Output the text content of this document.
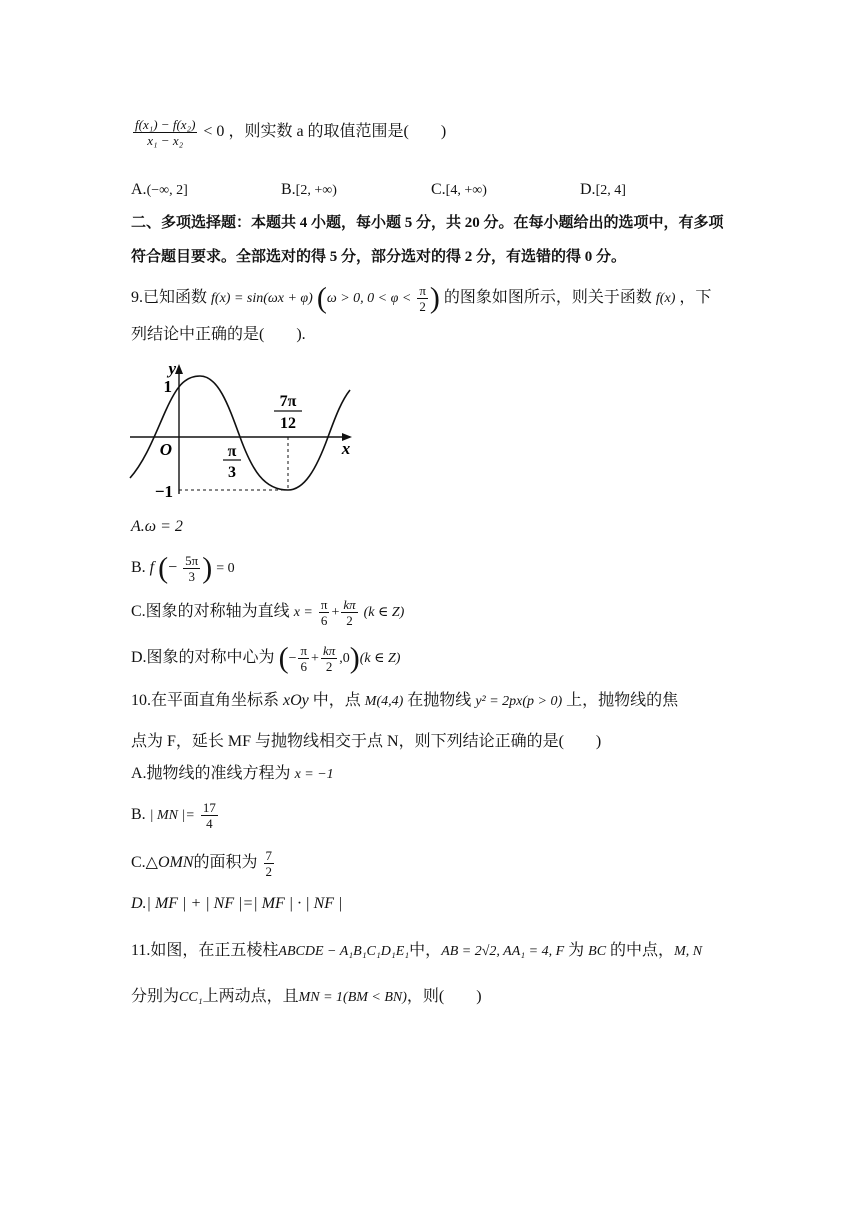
$\frac{\text{f(x₁) − f(x₂)}}{\text{x₁ − x₂}} < 0$ ，则实数 a 的取值范围是(　　)
A.(−∞, 2]	B.[2, +∞)	C.[4, +∞)	D.[2, 4]
二、多项选择题：本题共 4 小题，每小题 5 分，共 20 分。在每小题给出的选项中，有多项
符合题目要求。全部选对的得 5 分，部分选对的得 2 分，有选错的得 0 分。
9.已知函数 f(x) = sin(ωx + φ) (ω > 0, $0 < \varphi < \frac{\pi}{2}$ ) 的图象如图所示，则关于函数 f(x) ，下
列结论中正确的是(　　).
y
1
O
−1
x
π
3
7π
12
A.ω = 2
B. f (− $\frac{5\pi}{3}$ ) = 0
C.图象的对称轴为直线 $x = \frac{\pi}{6} + \frac{k\pi}{2} (k$ ∈ Z)
D.图象的对称中心为 (− $\frac{\pi}{6} + \frac{k\pi}{2} ,0)(k$ ∈ Z)
10.在平面直角坐标系 xOy 中，点 M(4,4) 在抛物线 y² = 2px(p > 0) 上，抛物线的焦
点为 F，延长 MF 与抛物线相交于点 N，则下列结论正确的是(　　)
A.抛物线的准线方程为 x = −1
B. | MN |= $\frac{17}{4}$
C.△OMN的面积为 $\frac{7}{2}$
D.| MF | + | NF |=| MF | · | NF |
11.如图，在正五棱柱ABCDE − A₁B₁C₁D₁E₁中，AB = 2√2, AA₁ = 4, F 为 BC 的中点，M, N
分别为CC₁上两动点，且MN = 1(BM < BN)，则(　　)
